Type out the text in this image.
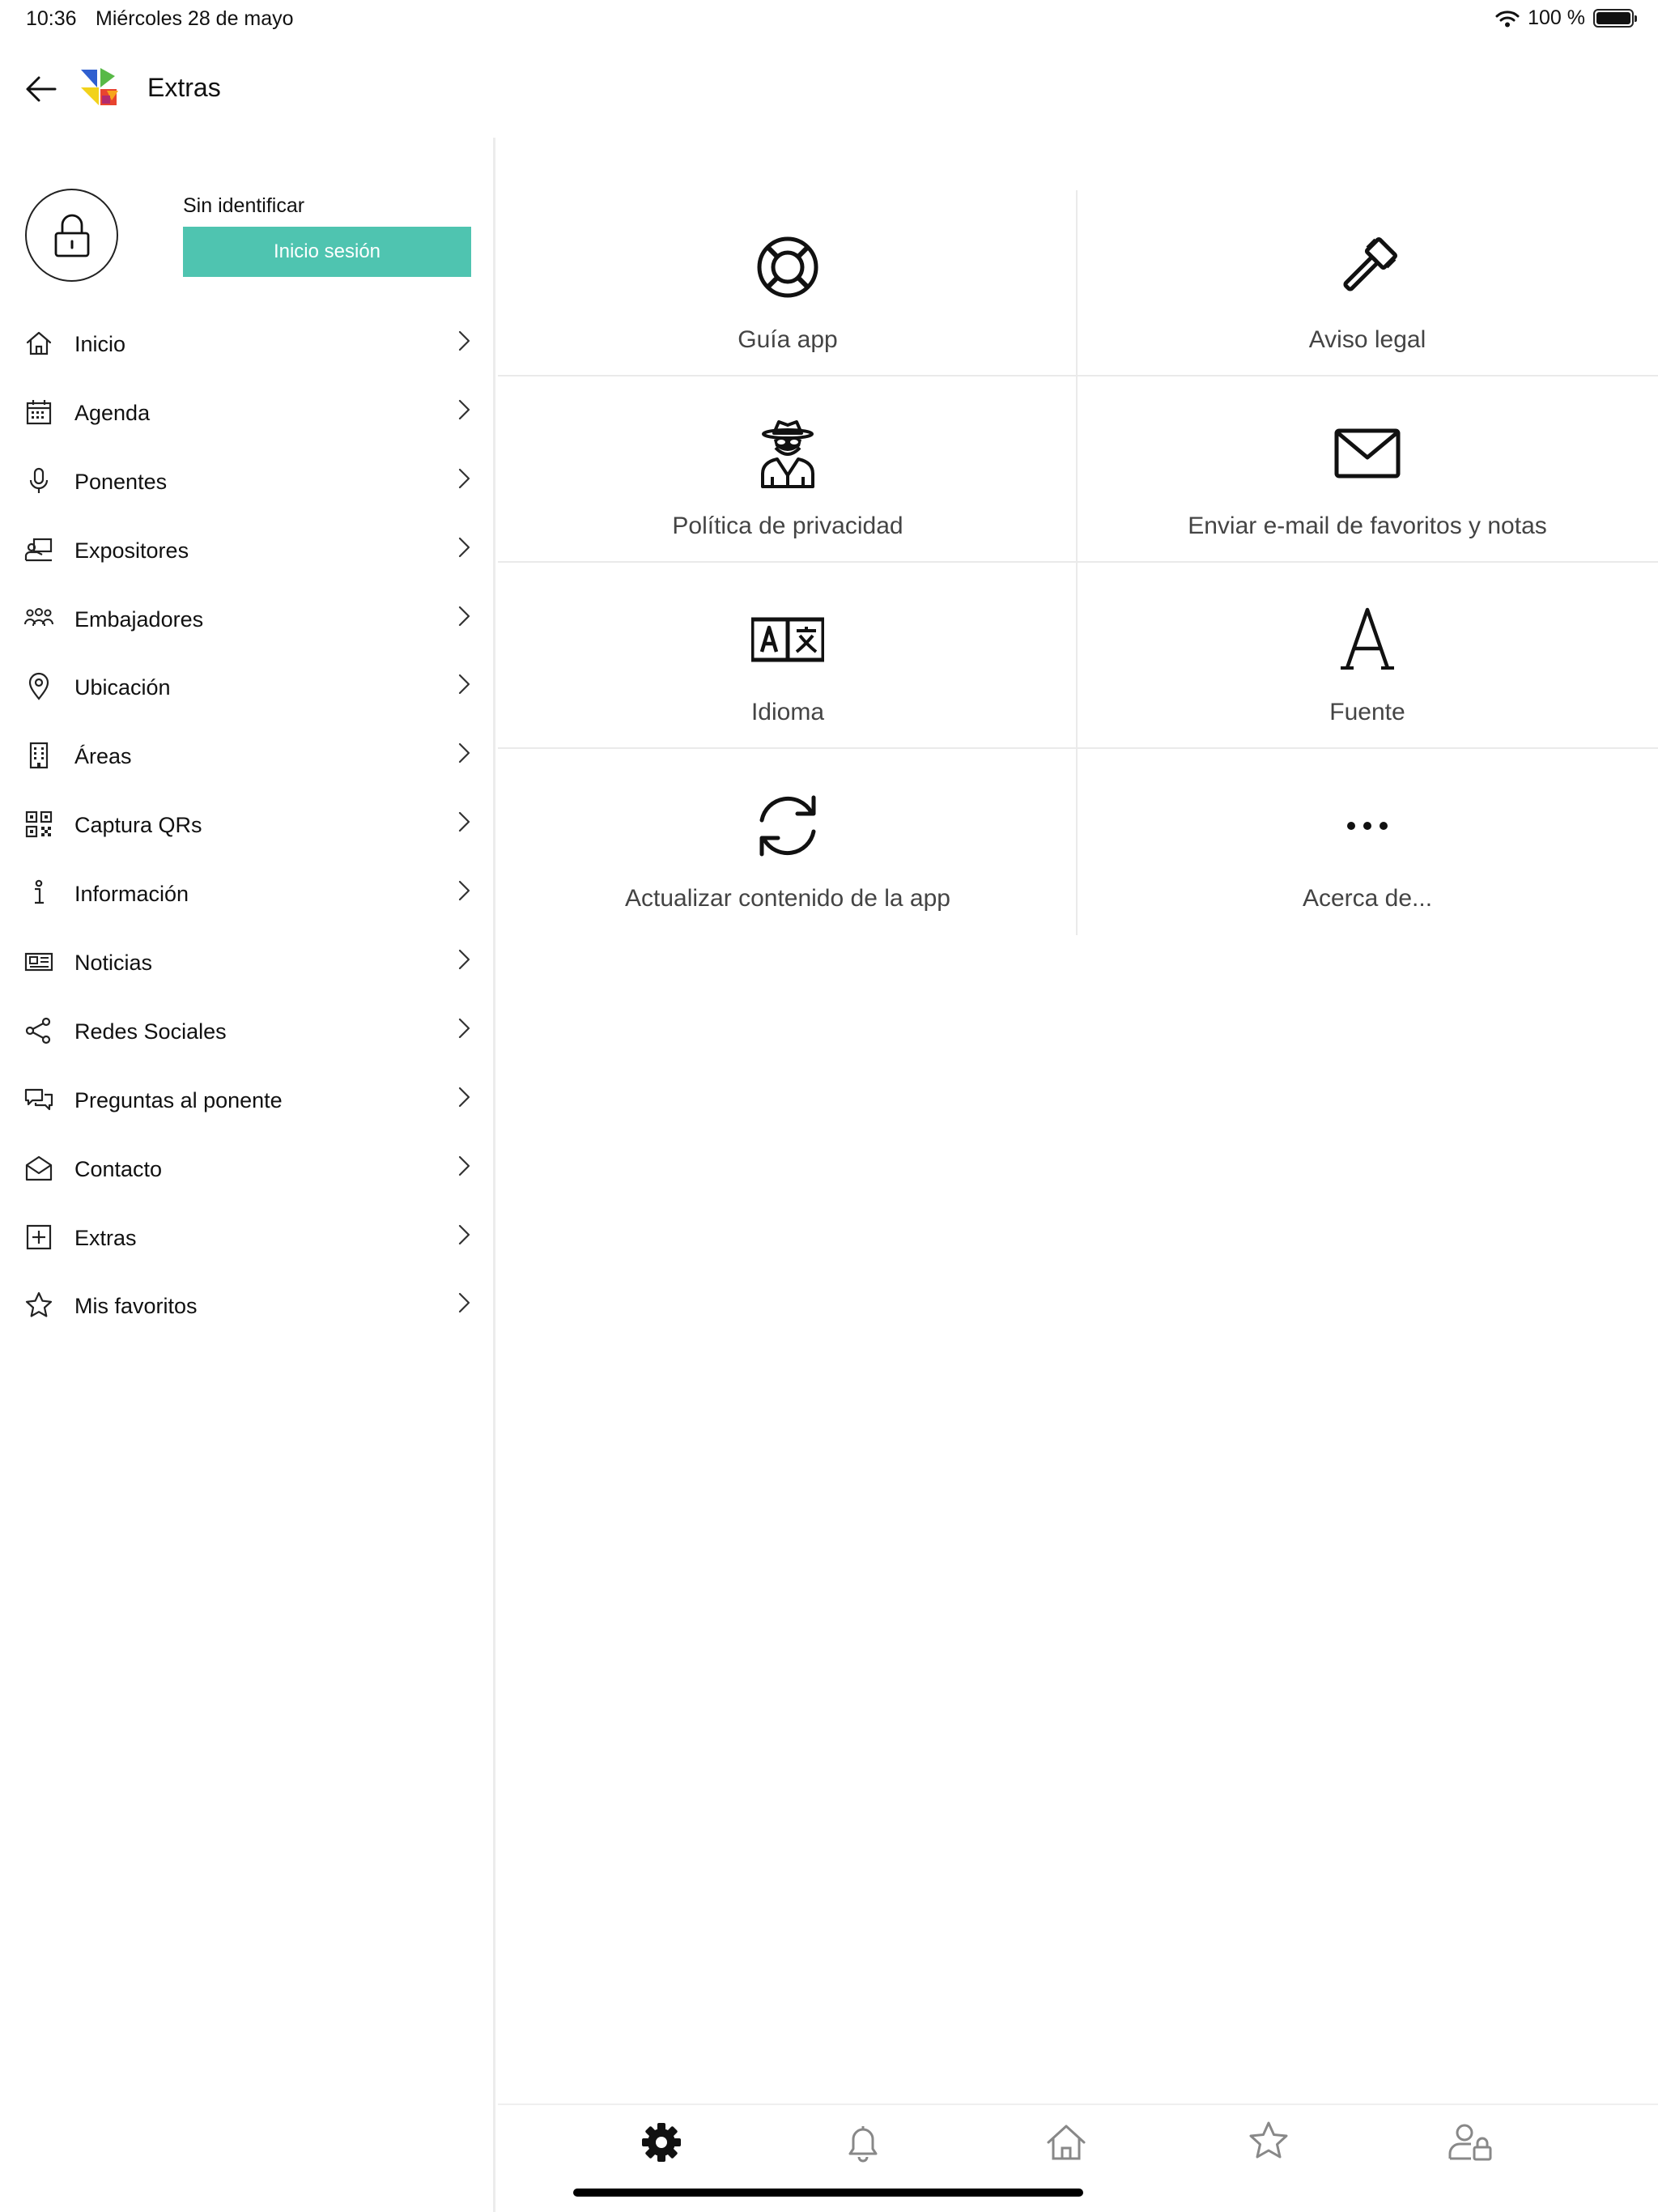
10:36 Miércoles 28 de mayo	100 %
Extras
Sin identificar
Inicio sesión
Inicio
Agenda
Ponentes
Expositores
Embajadores
Ubicación
Áreas
Captura QRs
Información
Noticias
Redes Sociales
Preguntas al ponente
Contacto
Extras
Mis favoritos
Guía app	Aviso legal
Política de privacidad	Enviar e-mail de favoritos y notas
Idioma	Fuente
Actualizar contenido de la app	Acerca de...
